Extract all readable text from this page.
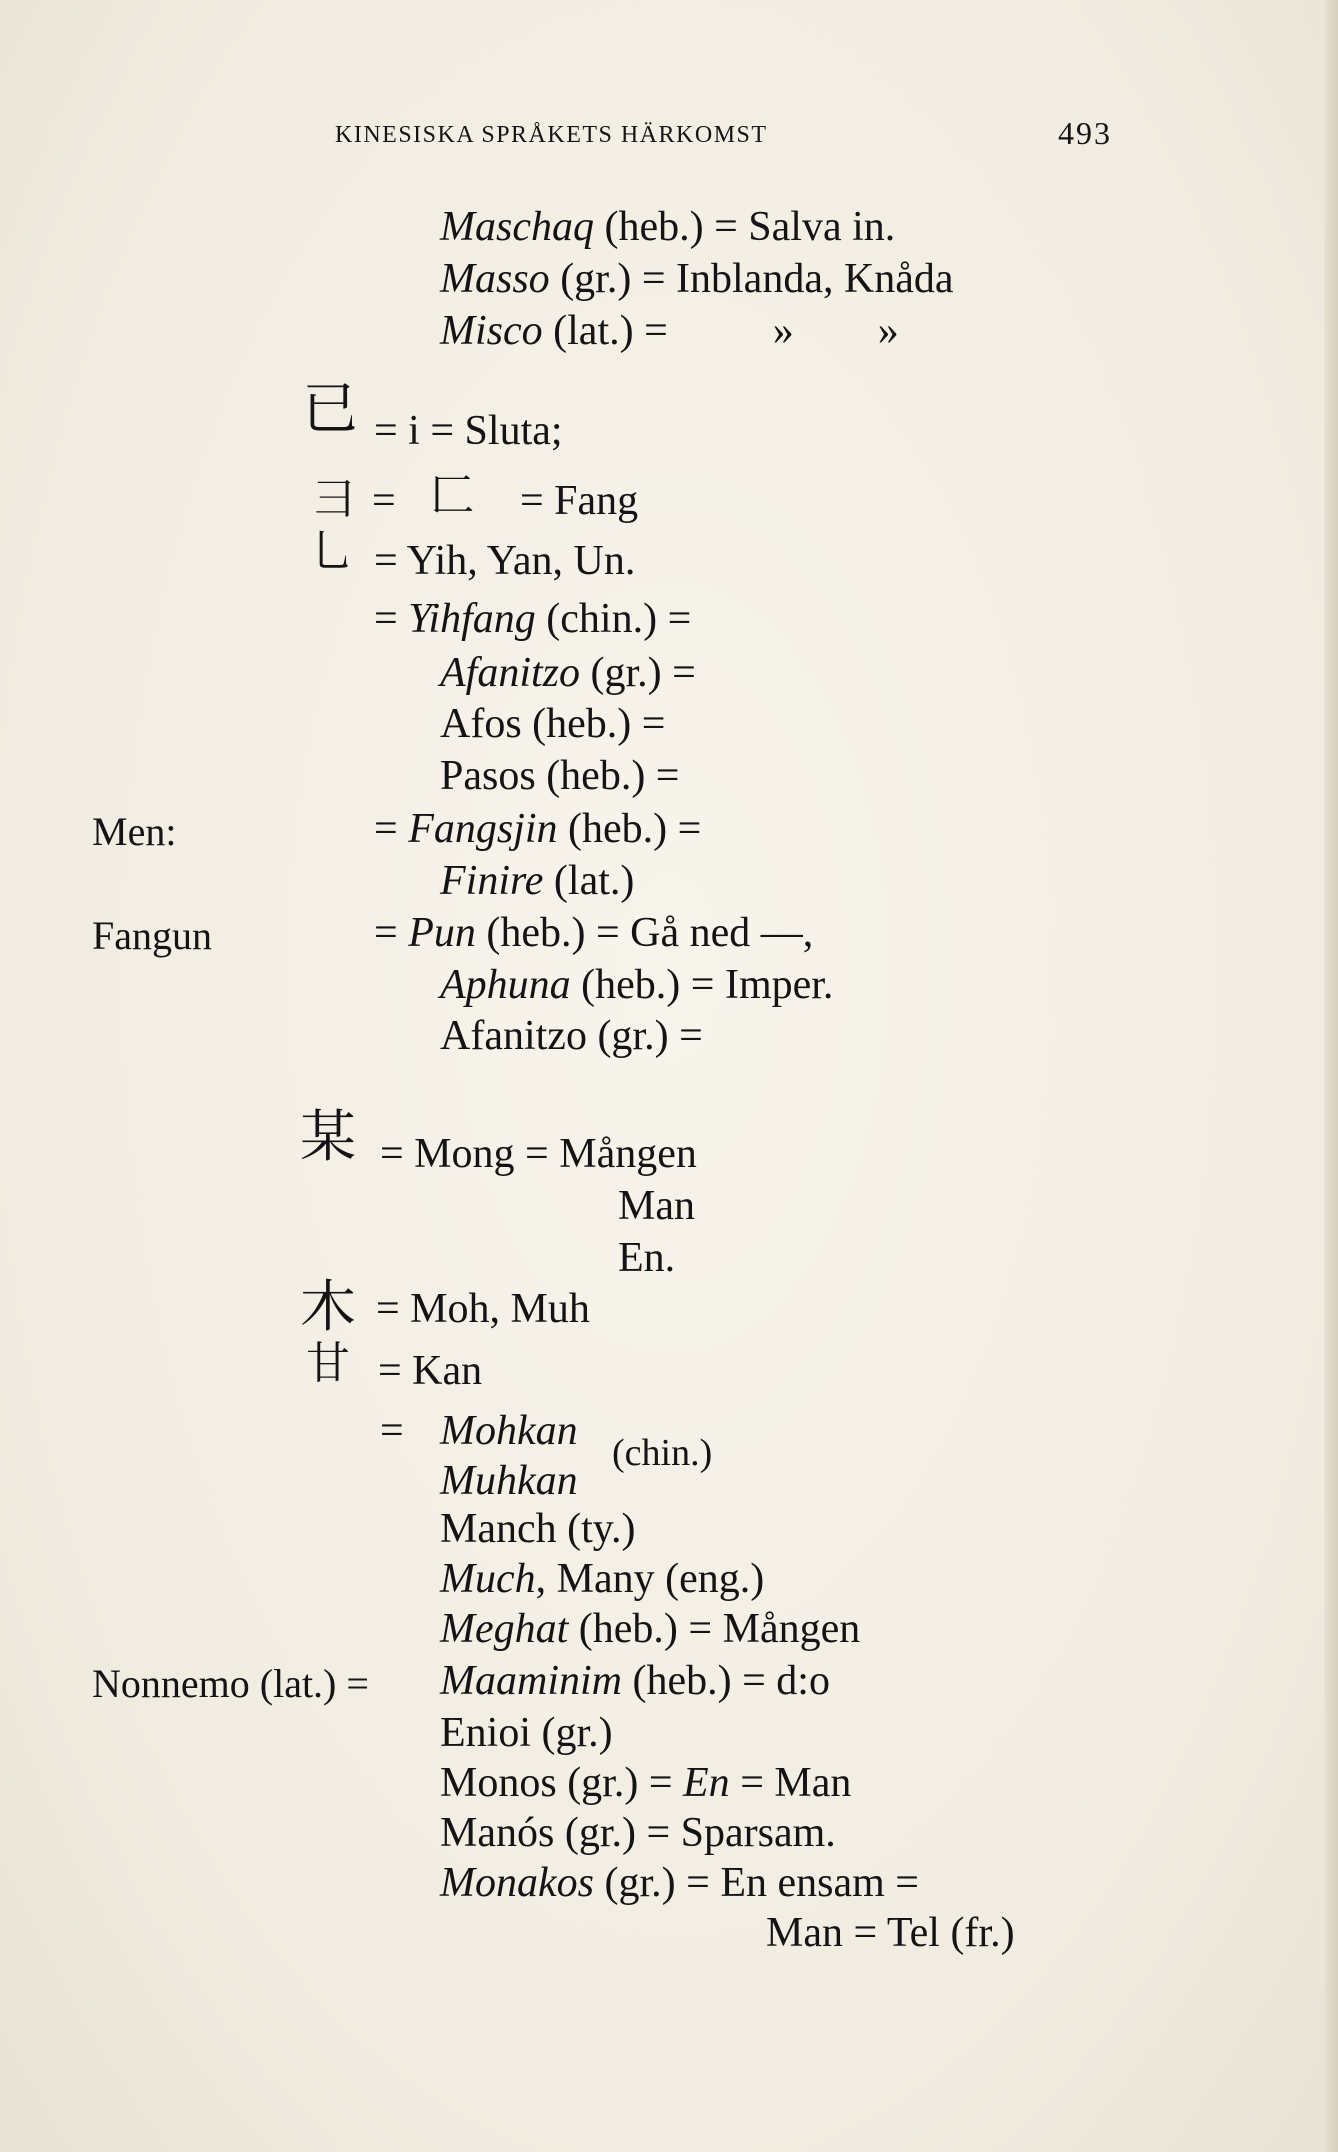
KINESISKA SPRÅKETS HÄRKOMST	493
Maschaq (heb.) = Salva in.
Masso (gr.) = Inblanda, Knåda
Misco (lat.) =          »        »
已 = i = Sluta;
彐 = 匚 = Fang
乚 = Yih, Yan, Un.
= Yihfang (chin.) =
Afanitzo (gr.) =
Afos (heb.) =
Pasos (heb.) =
Men:	= Fangsjin (heb.) =
Finire (lat.)
Fangun	= Pun (heb.) = Gå ned —,
Aphuna (heb.) = Imper.
Afanitzo (gr.) =
某 = Mong = Mången
Man
En.
木 = Moh, Muh
甘 = Kan
= Mohkan
Muhkan
(chin.)
Manch (ty.)
Much, Many (eng.)
Meghat (heb.) = Mången
Nonnemo (lat.) = Maaminim (heb.) = d:o
Enioi (gr.)
Monos (gr.) = En = Man
Manós (gr.) = Sparsam.
Monakos (gr.) = En ensam =
Man = Tel (fr.)
